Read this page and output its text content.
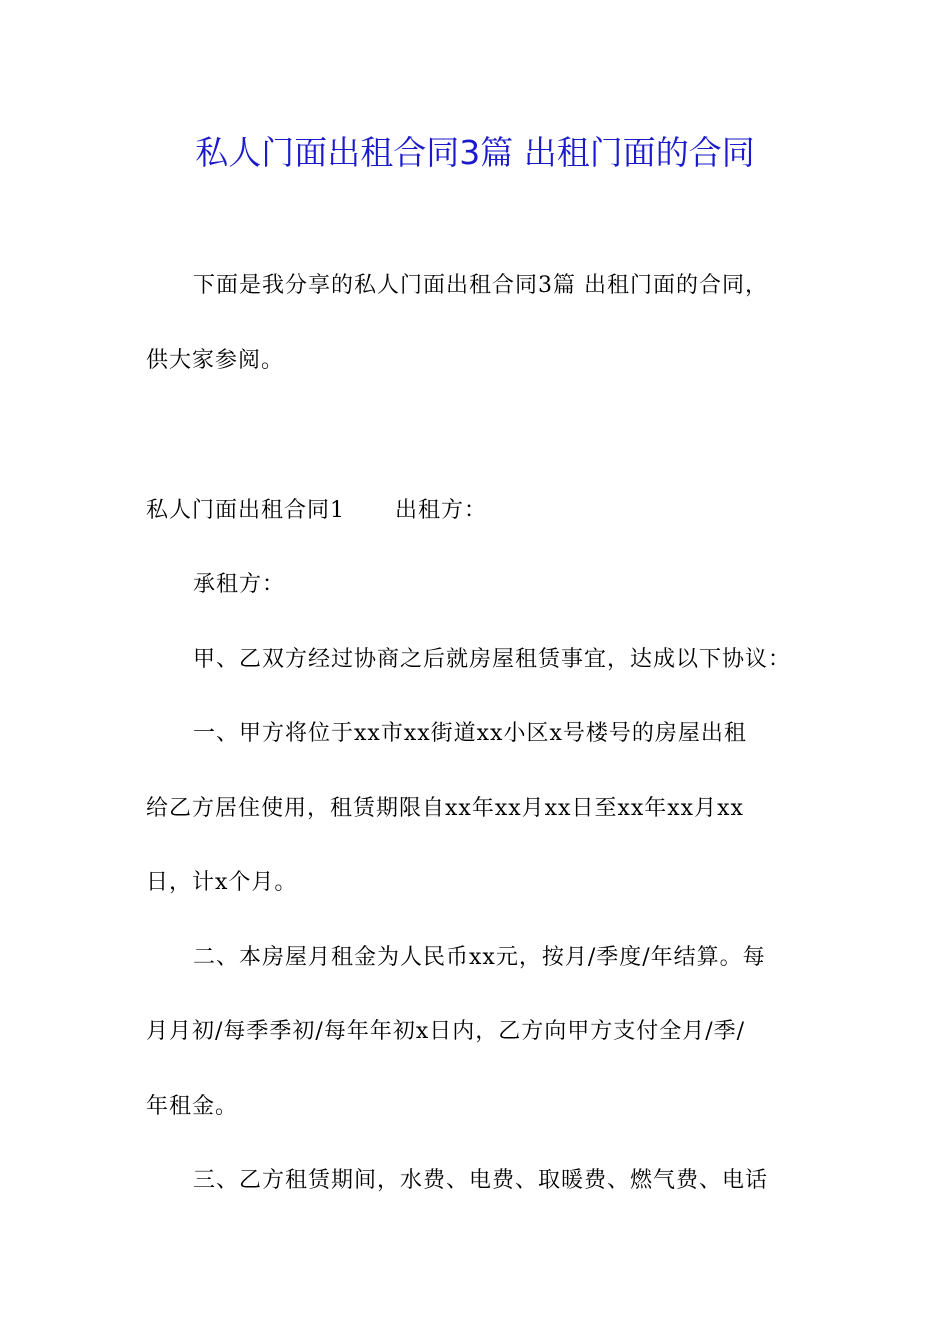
私人门面出租合同3篇 出租门面的合同
下面是我分享的私人门面出租合同3篇 出租门面的合同，
供大家参阅。
私人门面出租合同1 出租方：
承租方：
甲、乙双方经过协商之后就房屋租赁事宜，达成以下协议：
一、甲方将位于xx市xx街道xx小区x号楼号的房屋出租
给乙方居住使用，租赁期限自xx年xx月xx日至xx年xx月xx
日，计x个月。
二、本房屋月租金为人民币xx元，按月/季度/年结算。每
月月初/每季季初/每年年初x日内，乙方向甲方支付全月/季/
年租金。
三、乙方租赁期间，水费、电费、取暖费、燃气费、电话
